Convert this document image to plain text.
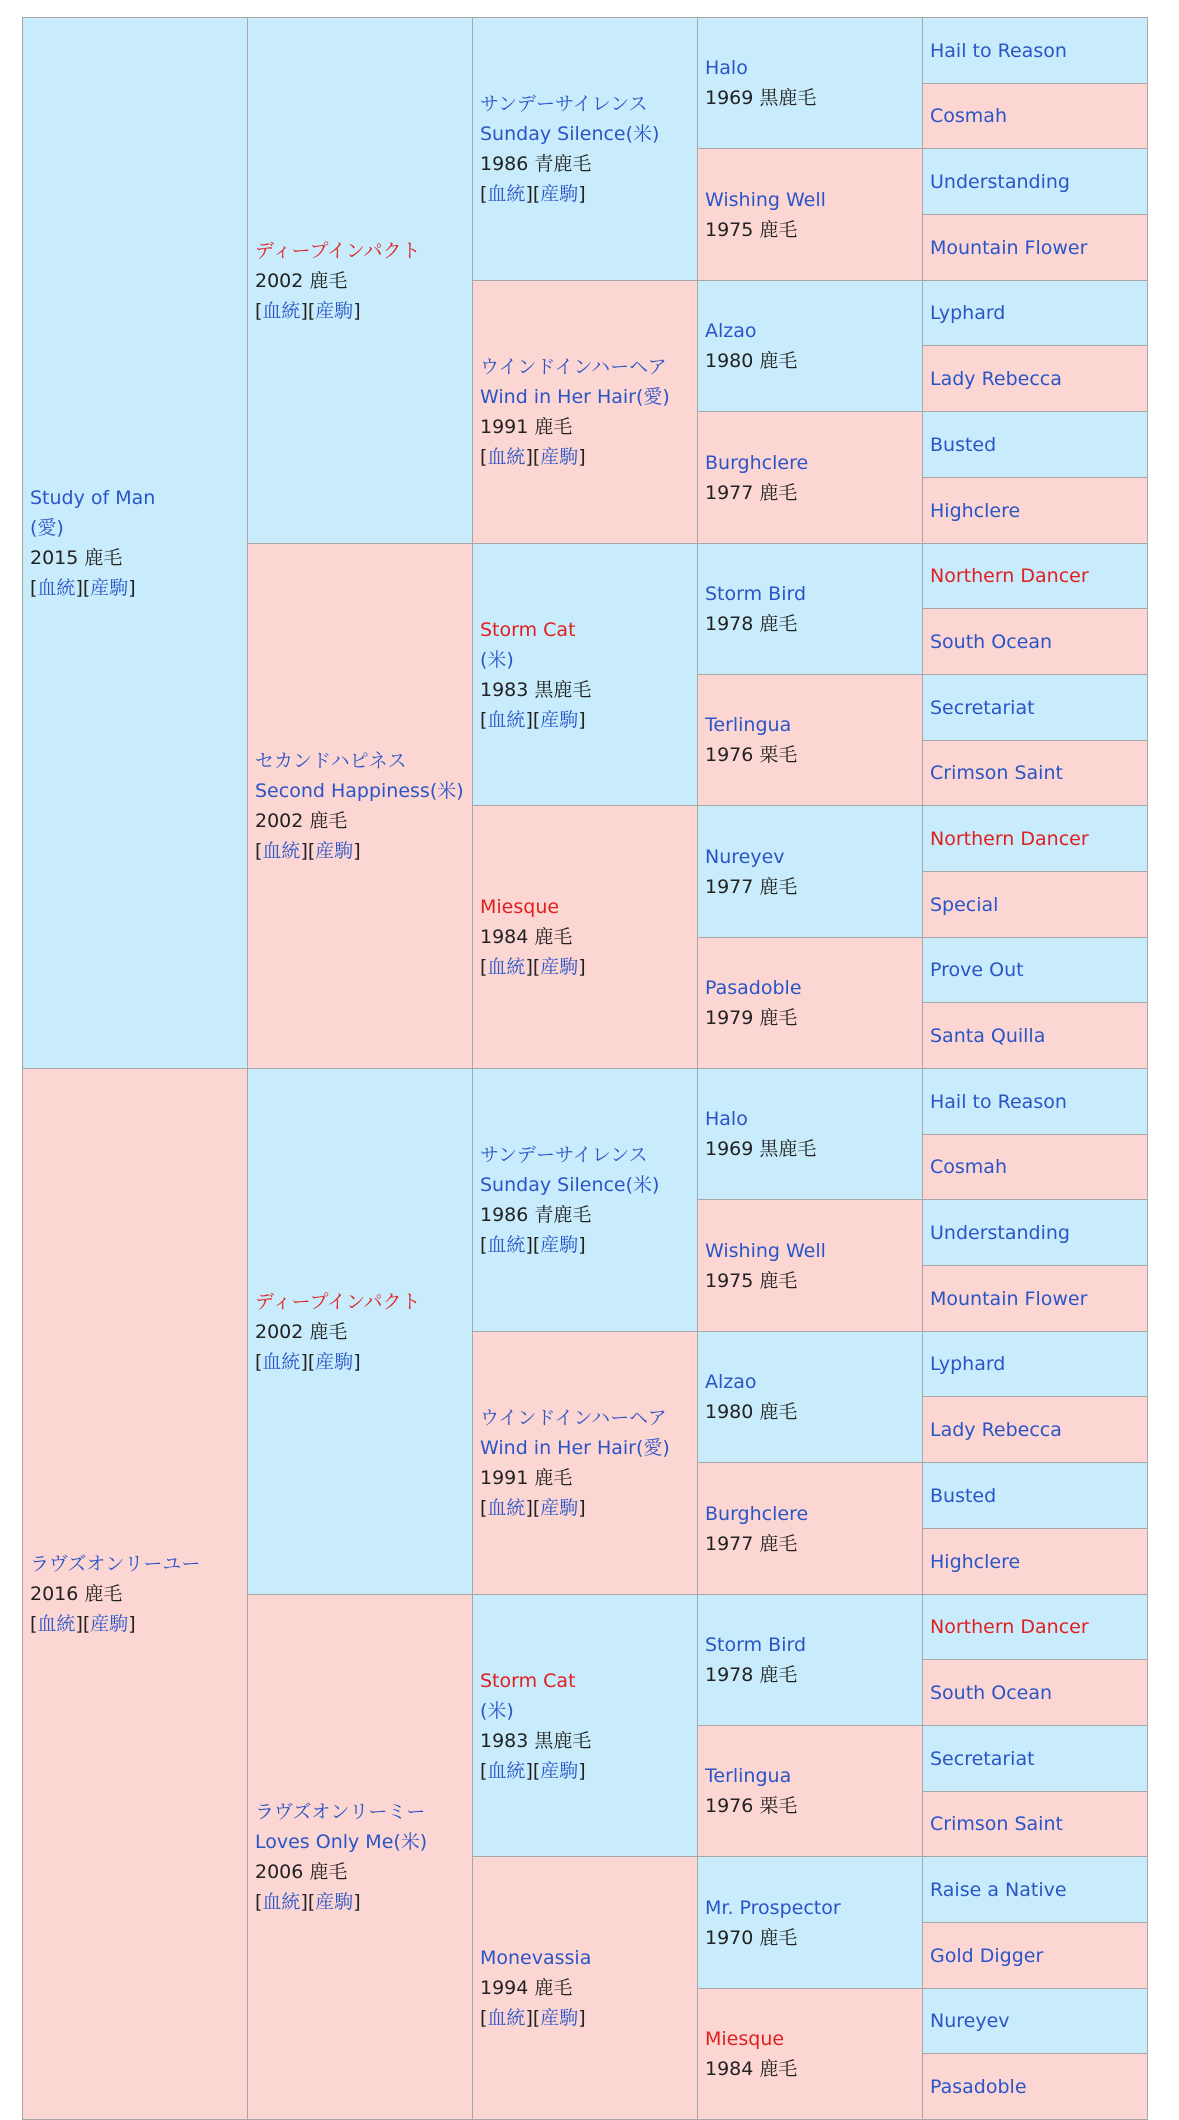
Study of Man
(愛)
2015 鹿毛
[血統][産駒]
ディープインパクト
2002 鹿毛
[血統][産駒]
サンデーサイレンス
Sunday Silence(米)
1986 青鹿毛
[血統][産駒]
Halo
1969 黒鹿毛
Hail to Reason
Cosmah
Wishing Well
1975 鹿毛
Understanding
Mountain Flower
ウインドインハーヘア
Wind in Her Hair(愛)
1991 鹿毛
[血統][産駒]
Alzao
1980 鹿毛
Lyphard
Lady Rebecca
Burghclere
1977 鹿毛
Busted
Highclere
セカンドハピネス
Second Happiness(米)
2002 鹿毛
[血統][産駒]
Storm Cat
(米)
1983 黒鹿毛
[血統][産駒]
Storm Bird
1978 鹿毛
Northern Dancer
South Ocean
Terlingua
1976 栗毛
Secretariat
Crimson Saint
Miesque
1984 鹿毛
[血統][産駒]
Nureyev
1977 鹿毛
Northern Dancer
Special
Pasadoble
1979 鹿毛
Prove Out
Santa Quilla
ラヴズオンリーユー
2016 鹿毛
[血統][産駒]
ディープインパクト
2002 鹿毛
[血統][産駒]
サンデーサイレンス
Sunday Silence(米)
1986 青鹿毛
[血統][産駒]
Halo
1969 黒鹿毛
Hail to Reason
Cosmah
Wishing Well
1975 鹿毛
Understanding
Mountain Flower
ウインドインハーヘア
Wind in Her Hair(愛)
1991 鹿毛
[血統][産駒]
Alzao
1980 鹿毛
Lyphard
Lady Rebecca
Burghclere
1977 鹿毛
Busted
Highclere
ラヴズオンリーミー
Loves Only Me(米)
2006 鹿毛
[血統][産駒]
Storm Cat
(米)
1983 黒鹿毛
[血統][産駒]
Storm Bird
1978 鹿毛
Northern Dancer
South Ocean
Terlingua
1976 栗毛
Secretariat
Crimson Saint
Monevassia
1994 鹿毛
[血統][産駒]
Mr. Prospector
1970 鹿毛
Raise a Native
Gold Digger
Miesque
1984 鹿毛
Nureyev
Pasadoble
